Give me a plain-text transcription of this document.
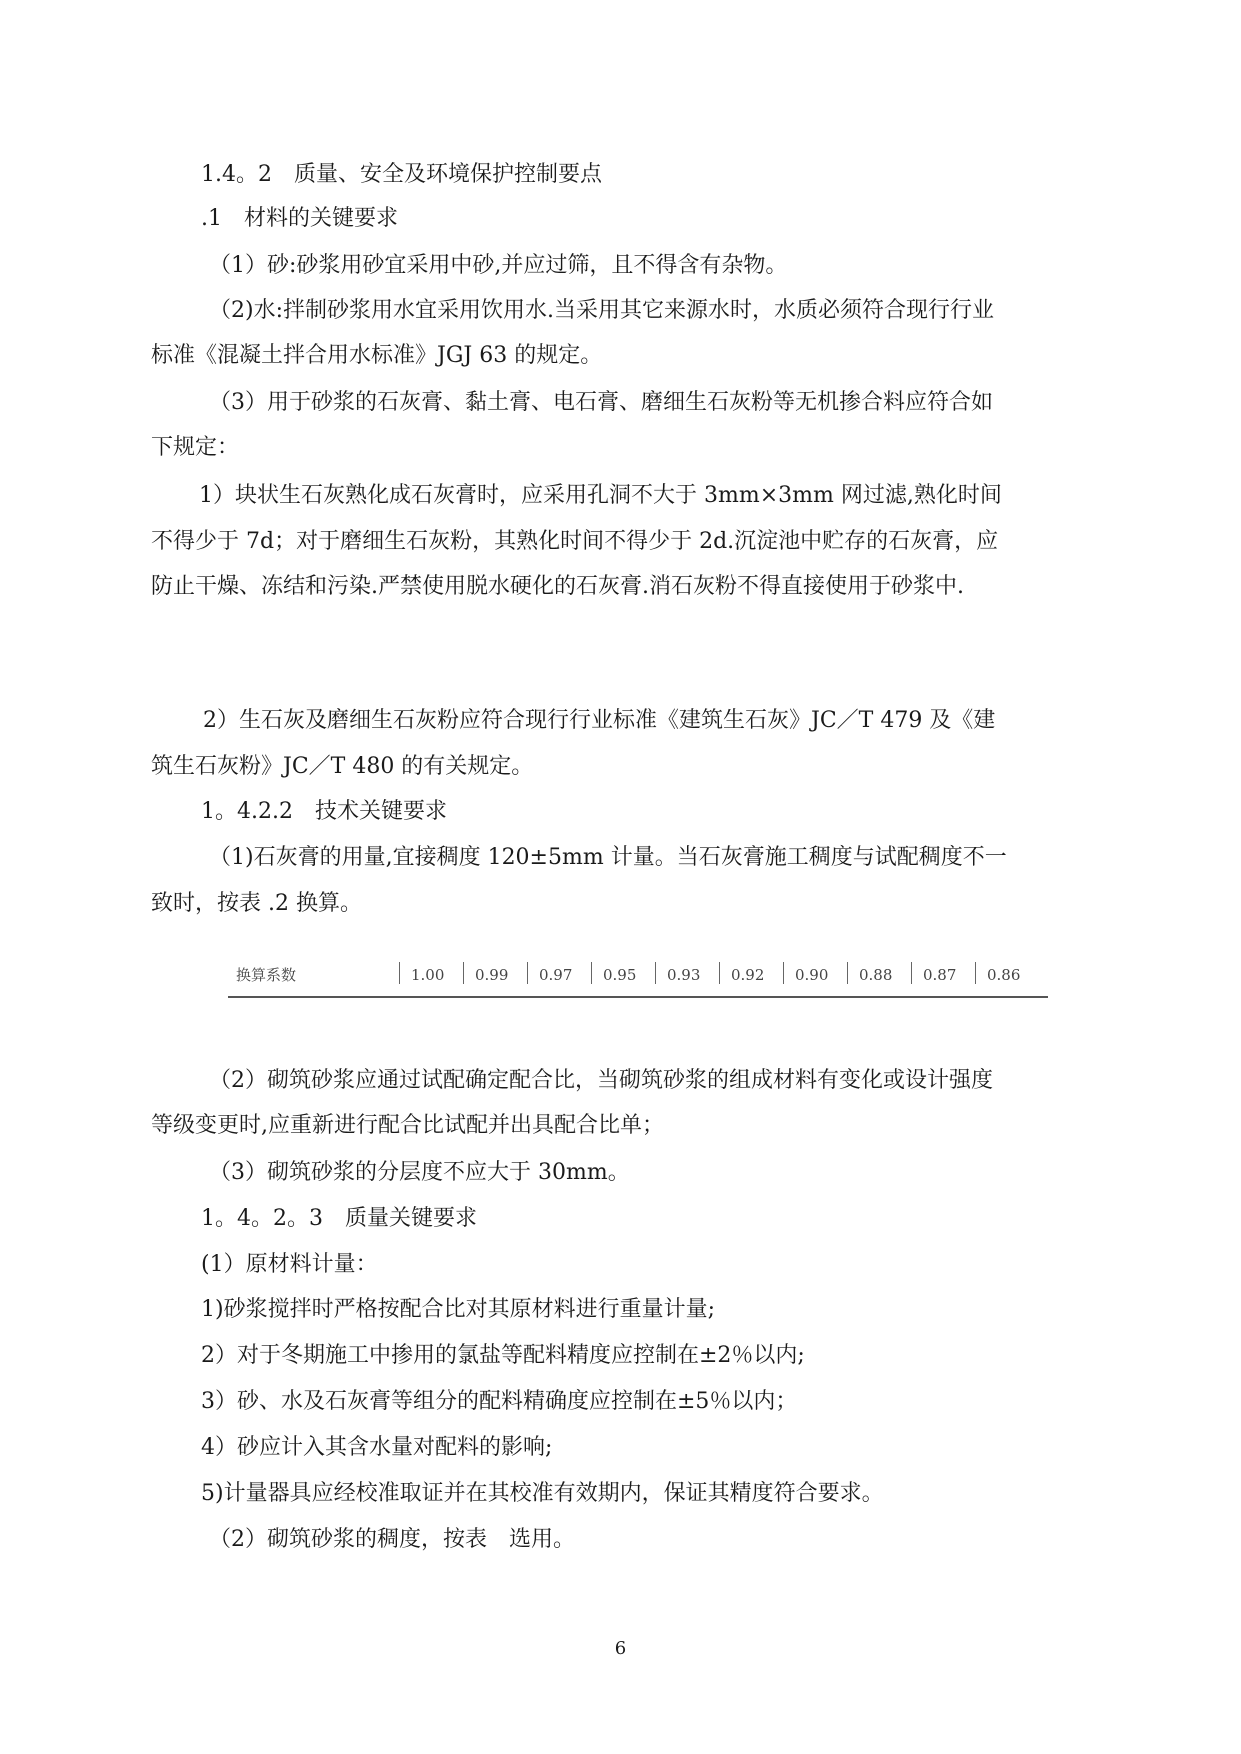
1.4。2　质量、安全及环境保护控制要点
.1　材料的关键要求
（1）砂:砂浆用砂宜采用中砂,并应过筛，且不得含有杂物。
（2)水:拌制砂浆用水宜采用饮用水.当采用其它来源水时，水质必须符合现行行业
标准《混凝土拌合用水标准》JGJ 63 的规定。
（3）用于砂浆的石灰膏、黏土膏、电石膏、磨细生石灰粉等无机掺合料应符合如
下规定：
1）块状生石灰熟化成石灰膏时，应采用孔洞不大于 3mm×3mm 网过滤,熟化时间
不得少于 7d；对于磨细生石灰粉，其熟化时间不得少于 2d.沉淀池中贮存的石灰膏，应
防止干燥、冻结和污染.严禁使用脱水硬化的石灰膏.消石灰粉不得直接使用于砂浆中.
2）生石灰及磨细生石灰粉应符合现行行业标准《建筑生石灰》JC／T 479 及《建
筑生石灰粉》JC／T 480 的有关规定。
1。4.2.2　技术关键要求
（1)石灰膏的用量,宜接稠度 120±5mm 计量。当石灰膏施工稠度与试配稠度不一
致时，按表 .2 换算。
换算系数	1.00 0.99 0.97 0.95 0.93 0.92 0.90 0.88 0.87 0.86
（2）砌筑砂浆应通过试配确定配合比，当砌筑砂浆的组成材料有变化或设计强度
等级变更时,应重新进行配合比试配并出具配合比单；
（3）砌筑砂浆的分层度不应大于 30mm。
1。4。2。3　质量关键要求
(1）原材料计量：
1)砂浆搅拌时严格按配合比对其原材料进行重量计量;
2）对于冬期施工中掺用的氯盐等配料精度应控制在±2％以内;
3）砂、水及石灰膏等组分的配料精确度应控制在±5％以内；
4）砂应计入其含水量对配料的影响;
5)计量器具应经校准取证并在其校准有效期内，保证其精度符合要求。
（2）砌筑砂浆的稠度，按表　选用。
6
